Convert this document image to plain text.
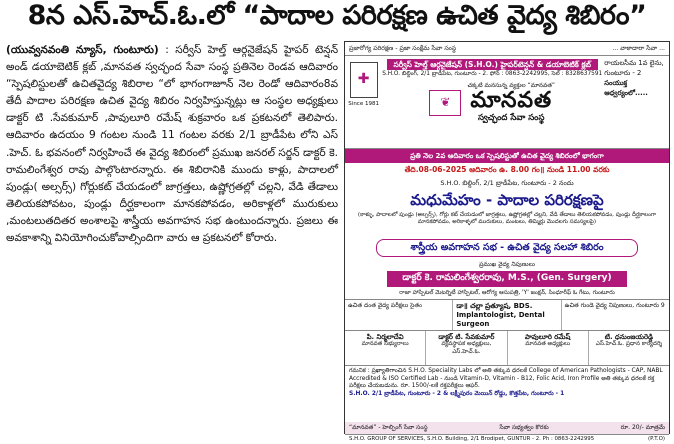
8న ఎస్‌.హెచ్‌.ఓ.లో “పాదాల పరిరక్షణ ఉచిత వైద్య శిబిరం”

(యువ్వనవంతి న్యూస్‌, గుంటూరు) : సర్వీస్‌ హెల్త్‌ ఆర్గనైజేషన్‌ హైపర్‌ టెన్షన్‌ అండ్‌ డయాబెటిక్‌ క్లబ్‌ ,మానవత స్వచ్ఛంద సేవా సంస్థ ప్రతినెల రెండవ ఆదివారం “స్పెషలిస్టులతో ఉచితవైద్య శిబిరాల “లో భాగంగాజూన్‌ నెల రెండో ఆదివారం8వ తేదీ పాదాల పరిరక్షణ ఉచిత వైద్య శిబిరం నిర్వహిస్తున్నట్లు ఆ సంస్థల అధ్యక్షులు డాక్టర్‌ టి .సేవకుమార్‌ ,పావులూరి రమేష్‌ శుక్రవారం ఒక ప్రకటనలో తెలిపారు. ఆదివారం ఉదయం 9 గంటల నుండి 11 గంటల వరకు 2/1 బ్రాడీపేట లోని ఎస్‌ .హెచ్‌. ఓ భవనంలో నిర్వహించే ఈ వైద్య శిబిరంలో ప్రముఖ జనరల్‌ సర్జన్‌ డాక్టర్‌ కె. రామలింగేశ్వర రావు పాల్గొంటారన్నారు. ఈ శిబిరానికి ముందు కాళ్లు, పాదాలలో పుండ్లు( అల్సర్స్‌) గోర్లుకట్‌ చేయడంలో జాగ్రత్తలు, ఉష్ణోగ్రతల్లో చల్లని, వేడి తేడాలు తెలియకపోవటం, పుండ్లు దీర్ఘకాలంగా మానకపోవడం, అరికాళ్లలో మురుకులు ,మంటలుతదితర అంశాలపై శాస్త్రీయ అవగాహన సభ ఉంటుందన్నారు. ప్రజలు ఈ అవకాశాన్ని వినియోగించుకోవాల్సిందిగా వారు ఆ ప్రకటనలో కోరారు.

ప్రజారోగ్య పరిరక్షణ - ప్రజా సంక్షేమ సేవా సంస్థ	... వాకాదారా సేవా ...
✚
Since 1981
సర్వీస్‌ హెల్త్‌ ఆర్గనైజేషన్‌ (S.H.O.) హైపర్‌టెన్షన్‌ & డయాబెటిక్‌ క్లబ్‌
S.H.O. బిల్డింగ్‌, 2/1 బ్రాడీపేట, గుంటూరు - 2. ఫోన్‌ : 0863-2242995, సెల్‌ : 8328637591
❦
చక్కటి మనసున్న వ్యక్తుల “మానవత”
మానవత
స్వచ్ఛంద సేవా సంస్థ
రాయలసీమ 1వ లైను,
గుంటూరు - 2
సంయుక్త
ఆధ్వర్యంలో.....
ప్రతి నెల 2వ ఆదివారం ఒక స్పెషలిస్టుతో ఉచిత వైద్య శిబిరంలో భాగంగా
తేది.08-06-2025 ఆదివారం ఉ. 8.00 గం॥ నుండి 11.00 వరకు
S.H.O. బిల్డింగ్‌, 2/1 బ్రాడీపేట, గుంటూరు - 2 నందు
మధుమేహం - పాదాల పరిరక్షణపై
(కాళ్ళు, పాదాలలో పుండ్లు (అల్సర్స్‌), గోర్లు కట్‌ చేయడంలో జాగ్రత్తలు, ఉష్ణోగ్రతల్లో చల్లని, వేడి తేడాలు తెలియకపోవడం, పుండ్లు దీర్ఘకాలంగా మానకపోవడం, అరికాళ్ళలో మురుకులు, మంటలు, తిమ్మిర్లు మొదలగు సమస్యలపై)
శాస్త్రీయ అవగాహన సభ - ఉచిత వైద్య సలహా శిబిరం
ప్రముఖ వైద్య నిపుణులు
డాక్టర్‌ కె. రామలింగేశ్వరరావు, M.S., (Gen. Surgery)
రాజా హాస్పిటల్‌ మెటర్నిటీ హాస్పిటల్‌, ఆరోగ్య ఆసుపత్రి, 'Y' జంక్షన్‌, సింధూరీఫ్‌ ఓ గేటు, గుంటూరు
ఉచిత దంత వైద్య పరీక్షలు సైతం	డా॥ చల్లా ప్రత్యూష, BDS. Implantologist, Dental Surgeon
ఉచిత గుండె వైద్య నిపుణులు, గుంటూరు 9
పి. నిర్మలాదేవి
మానవత సభ్యురాలు
డాక్టర్‌ టి. సేవకుమార్‌
వ్యవస్థాపక అధ్యక్షులు, ఎస్‌.హెచ్‌.ఓ.
పావులూరి రమేష్‌
మానవత అధ్యక్షులు
టి. ధనుంజయరెడ్డి
ఎస్‌.హెచ్‌.ఓ. ప్రధాన కార్యదర్శి
గమనిక : ప్రఖ్యాతిగాంచిన S.H.O. Speciality Labs లో అతి తక్కువ ధరలకే College of American Pathologists - CAP, NABL Accredited & ISO Certified Lab - నుండి Vitamin-D, Vitamin - B12, Folic Acid, Iron Profile అతి తక్కువ ధరలకే రక్త పరీక్షలు చేయబడును. రూ. 1500/-లకే రక్తపరీక్షలు ఆఫర్‌.
S.H.O. 2/1 బ్రాడీపేట, గుంటూరు - 2 & లక్ష్మీపురం మెయిన్‌ రోడ్డు, కొత్తపేట, గుంటూరు - 1
“మానవత” - హెల్పింగ్‌ సేవా సంస్థ	సేవా సభ్యత్వం కొరకు	రూ. 20/- మాత్రమే
S.H.O. GROUP OF SERVICES, S.H.O. Building, 2/1 Brodipet, GUNTUR - 2. Ph : 0863-2242995	(P.T.O)
